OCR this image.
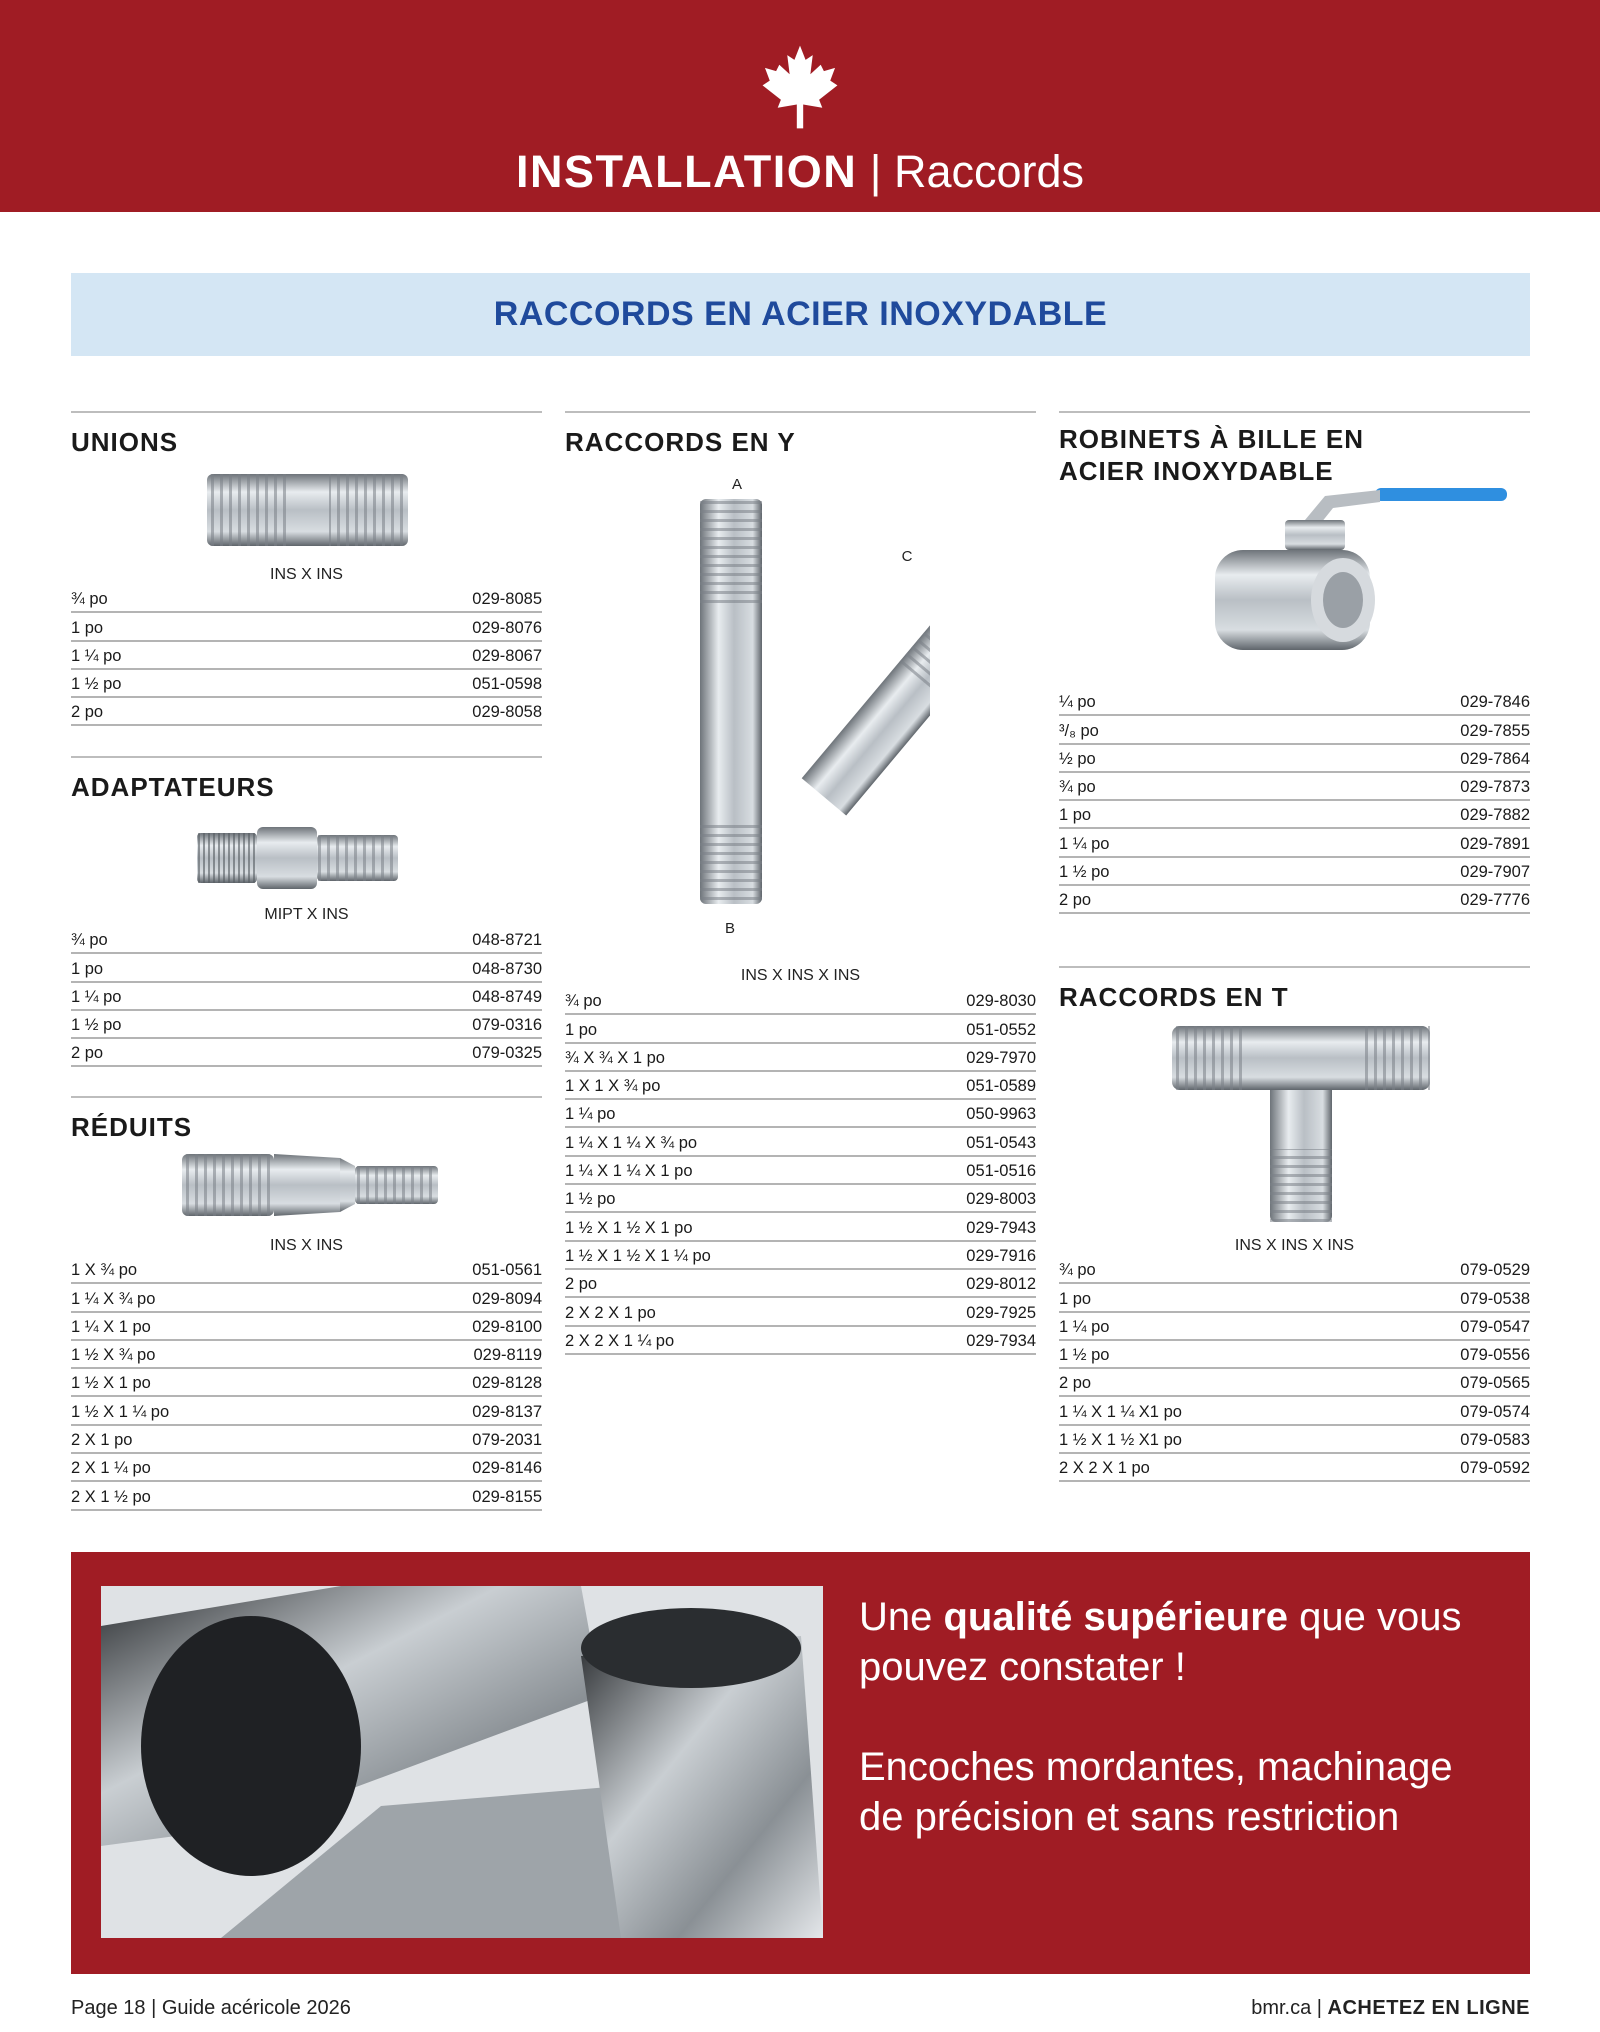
INSTALLATION | Raccords
RACCORDS EN ACIER INOXYDABLE
UNIONS
INS X INS
¾ po	029-8085
1 po	029-8076
1 ¼ po	029-8067
1 ½ po	051-0598
2 po	029-8058
ADAPTATEURS
MIPT X INS
¾ po	048-8721
1 po	048-8730
1 ¼ po	048-8749
1 ½ po	079-0316
2 po	079-0325
RÉDUITS
INS X INS
1 X ¾ po	051-0561
1 ¼ X ¾ po	029-8094
1 ¼ X 1 po	029-8100
1 ½ X ¾ po	029-8119
1 ½ X 1 po	029-8128
1 ½ X 1 ¼ po	029-8137
2 X 1 po	079-2031
2 X 1 ¼ po	029-8146
2 X 1 ½ po	029-8155
RACCORDS EN Y
A
C
B
INS X INS X INS
¾ po	029-8030
1 po	051-0552
¾ X ¾ X 1 po	029-7970
1 X 1 X ¾ po	051-0589
1 ¼ po	050-9963
1 ¼ X 1 ¼ X ¾ po	051-0543
1 ¼ X 1 ¼ X 1 po	051-0516
1 ½ po	029-8003
1 ½ X 1 ½ X 1 po	029-7943
1 ½ X 1 ½ X 1 ¼ po	029-7916
2 po	029-8012
2 X 2 X 1 po	029-7925
2 X 2 X 1 ¼ po	029-7934
ROBINETS À BILLE EN
ACIER INOXYDABLE
¼ po	029-7846
³/₈ po	029-7855
½ po	029-7864
¾ po	029-7873
1 po	029-7882
1 ¼ po	029-7891
1 ½ po	029-7907
2 po	029-7776
RACCORDS EN T
INS X INS X INS
¾ po	079-0529
1 po	079-0538
1 ¼ po	079-0547
1 ½ po	079-0556
2 po	079-0565
1 ¼ X 1 ¼ X1 po	079-0574
1 ½ X 1 ½ X1 po	079-0583
2 X 2 X 1 po	079-0592

Une qualité supérieure que vous

pouvez constater !

Encoches mordantes, machinage

de précision et sans restriction

Page 18 | Guide acéricole 2026	bmr.ca | ACHETEZ EN LIGNE
